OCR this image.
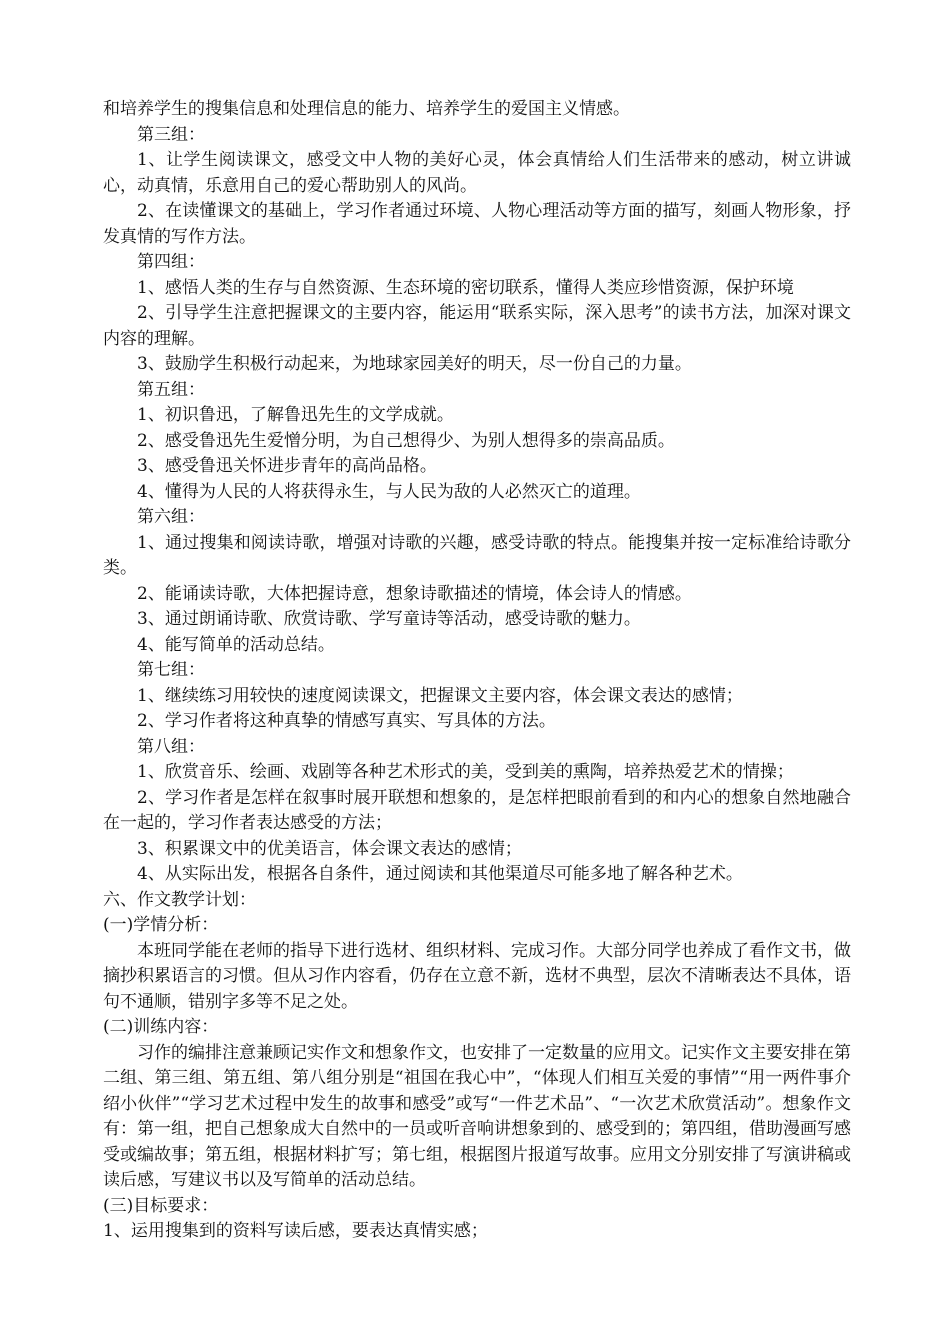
和培养学生的搜集信息和处理信息的能力、培养学生的爱国主义情感。
第三组：
1、让学生阅读课文，感受文中人物的美好心灵，体会真情给人们生活带来的感动，树立讲诚心，动真情，乐意用自己的爱心帮助别人的风尚。
2、在读懂课文的基础上，学习作者通过环境、人物心理活动等方面的描写，刻画人物形象，抒发真情的写作方法。
第四组：
1、感悟人类的生存与自然资源、生态环境的密切联系，懂得人类应珍惜资源，保护环境
2、引导学生注意把握课文的主要内容，能运用“联系实际，深入思考”的读书方法，加深对课文内容的理解。
3、鼓励学生积极行动起来，为地球家园美好的明天，尽一份自己的力量。
第五组：
1、初识鲁迅，了解鲁迅先生的文学成就。
2、感受鲁迅先生爱憎分明，为自己想得少、为别人想得多的崇高品质。
3、感受鲁迅关怀进步青年的高尚品格。
4、懂得为人民的人将获得永生，与人民为敌的人必然灭亡的道理。
第六组：
1、通过搜集和阅读诗歌，增强对诗歌的兴趣，感受诗歌的特点。能搜集并按一定标准给诗歌分类。
2、能诵读诗歌，大体把握诗意，想象诗歌描述的情境，体会诗人的情感。
3、通过朗诵诗歌、欣赏诗歌、学写童诗等活动，感受诗歌的魅力。
4、能写简单的活动总结。
第七组：
1、继续练习用较快的速度阅读课文，把握课文主要内容，体会课文表达的感情；
2、学习作者将这种真挚的情感写真实、写具体的方法。
第八组：
1、欣赏音乐、绘画、戏剧等各种艺术形式的美，受到美的熏陶，培养热爱艺术的情操；
2、学习作者是怎样在叙事时展开联想和想象的，是怎样把眼前看到的和内心的想象自然地融合在一起的，学习作者表达感受的方法；
3、积累课文中的优美语言，体会课文表达的感情；
4、从实际出发，根据各自条件，通过阅读和其他渠道尽可能多地了解各种艺术。
六、作文教学计划：
(一)学情分析：
本班同学能在老师的指导下进行选材、组织材料、完成习作。大部分同学也养成了看作文书，做摘抄积累语言的习惯。但从习作内容看，仍存在立意不新，选材不典型，层次不清晰表达不具体，语句不通顺，错别字多等不足之处。
(二)训练内容：
习作的编排注意兼顾记实作文和想象作文，也安排了一定数量的应用文。记实作文主要安排在第二组、第三组、第五组、第八组分别是“祖国在我心中”，“体现人们相互关爱的事情”“用一两件事介绍小伙伴”“学习艺术过程中发生的故事和感受”或写“一件艺术品”、“一次艺术欣赏活动”。想象作文有：第一组，把自己想象成大自然中的一员或听音响讲想象到的、感受到的；第四组，借助漫画写感受或编故事；第五组，根据材料扩写；第七组，根据图片报道写故事。应用文分别安排了写演讲稿或读后感，写建议书以及写简单的活动总结。
(三)目标要求：
1、运用搜集到的资料写读后感，要表达真情实感；
